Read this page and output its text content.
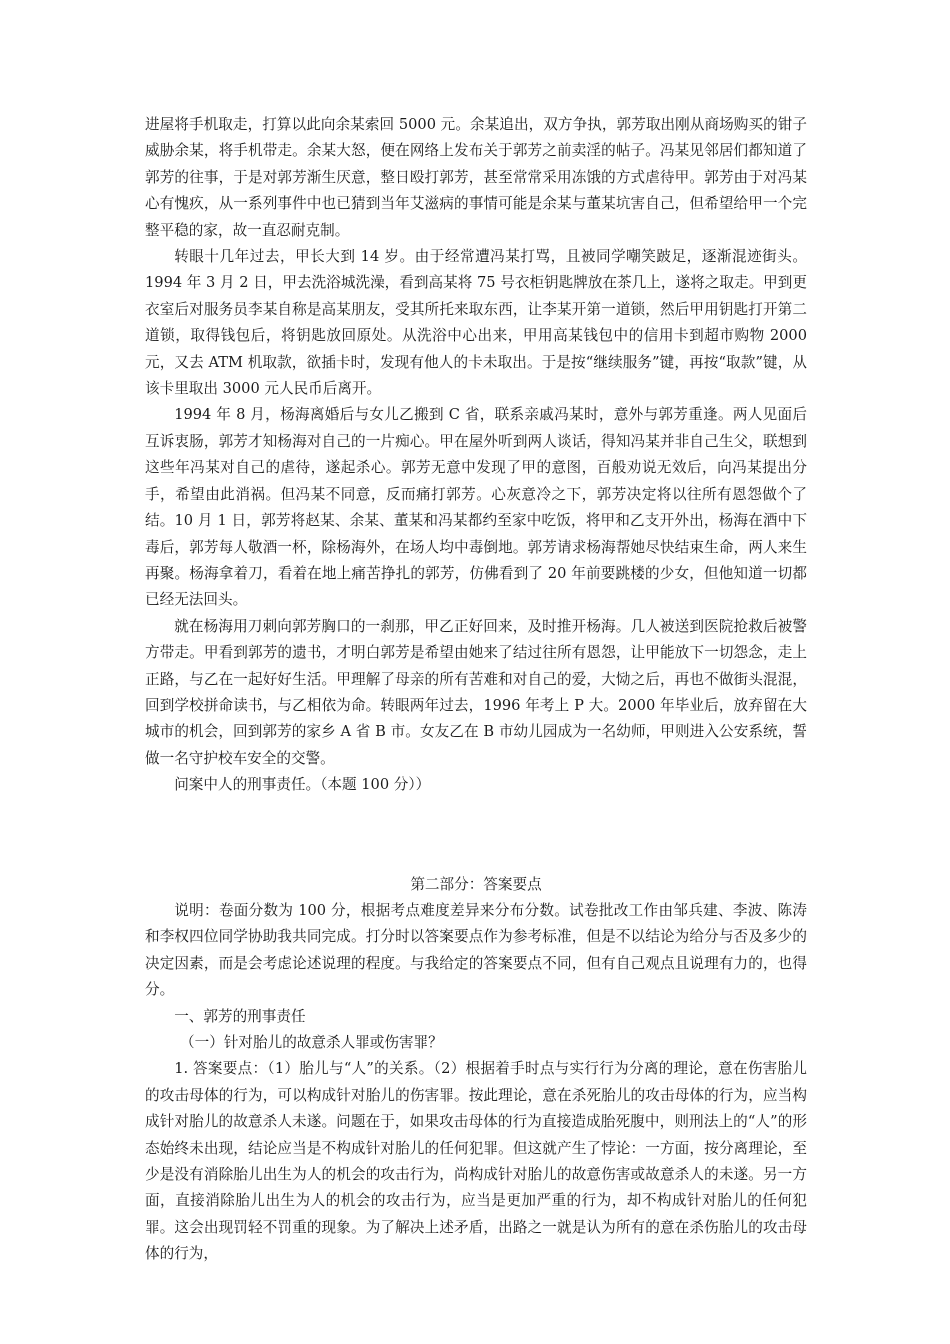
进屋将手机取走，打算以此向余某索回 5000 元。余某追出，双方争执，郭芳取出刚从商场购买的钳子威胁余某，将手机带走。余某大怒，便在网络上发布关于郭芳之前卖淫的帖子。冯某见邻居们都知道了郭芳的往事，于是对郭芳渐生厌意，整日殴打郭芳，甚至常常采用冻饿的方式虐待甲。郭芳由于对冯某心有愧疚，从一系列事件中也已猜到当年艾滋病的事情可能是余某与董某坑害自己，但希望给甲一个完整平稳的家，故一直忍耐克制。

转眼十几年过去，甲长大到 14 岁。由于经常遭冯某打骂，且被同学嘲笑跛足，逐渐混迹街头。1994 年 3 月 2 日，甲去洗浴城洗澡，看到高某将 75 号衣柜钥匙牌放在茶几上，遂将之取走。甲到更衣室后对服务员李某自称是高某朋友，受其所托来取东西，让李某开第一道锁，然后甲用钥匙打开第二道锁，取得钱包后，将钥匙放回原处。从洗浴中心出来，甲用高某钱包中的信用卡到超市购物 2000 元，又去 ATM 机取款，欲插卡时，发现有他人的卡未取出。于是按“继续服务”键，再按“取款”键，从该卡里取出 3000 元人民币后离开。

1994 年 8 月，杨海离婚后与女儿乙搬到 C 省，联系亲戚冯某时，意外与郭芳重逢。两人见面后互诉衷肠，郭芳才知杨海对自己的一片痴心。甲在屋外听到两人谈话，得知冯某并非自己生父，联想到这些年冯某对自己的虐待，遂起杀心。郭芳无意中发现了甲的意图，百般劝说无效后，向冯某提出分手，希望由此消祸。但冯某不同意，反而痛打郭芳。心灰意冷之下，郭芳决定将以往所有恩怨做个了结。10 月 1 日，郭芳将赵某、余某、董某和冯某都约至家中吃饭，将甲和乙支开外出，杨海在酒中下毒后，郭芳每人敬酒一杯，除杨海外，在场人均中毒倒地。郭芳请求杨海帮她尽快结束生命，两人来生再聚。杨海拿着刀，看着在地上痛苦挣扎的郭芳，仿佛看到了 20 年前要跳楼的少女，但他知道一切都已经无法回头。

就在杨海用刀刺向郭芳胸口的一刹那，甲乙正好回来，及时推开杨海。几人被送到医院抢救后被警方带走。甲看到郭芳的遗书，才明白郭芳是希望由她来了结过往所有恩怨，让甲能放下一切怨念，走上正路，与乙在一起好好生活。甲理解了母亲的所有苦难和对自己的爱，大恸之后，再也不做街头混混，回到学校拼命读书，与乙相依为命。转眼两年过去，1996 年考上 P 大。2000 年毕业后，放弃留在大城市的机会，回到郭芳的家乡 A 省 B 市。女友乙在 B 市幼儿园成为一名幼师，甲则进入公安系统，誓做一名守护校车安全的交警。

问案中人的刑事责任。（本题 100 分））

第二部分：答案要点

说明：卷面分数为 100 分，根据考点难度差异来分布分数。试卷批改工作由邹兵建、李波、陈涛和李权四位同学协助我共同完成。打分时以答案要点作为参考标准，但是不以结论为给分与否及多少的决定因素，而是会考虑论述说理的程度。与我给定的答案要点不同，但有自己观点且说理有力的，也得分。

一、郭芳的刑事责任

（一）针对胎儿的故意杀人罪或伤害罪？

1. 答案要点：（1）胎儿与“人”的关系。（2）根据着手时点与实行行为分离的理论，意在伤害胎儿的攻击母体的行为，可以构成针对胎儿的伤害罪。按此理论，意在杀死胎儿的攻击母体的行为，应当构成针对胎儿的故意杀人未遂。问题在于，如果攻击母体的行为直接造成胎死腹中，则刑法上的“人”的形态始终未出现，结论应当是不构成针对胎儿的任何犯罪。但这就产生了悖论：一方面，按分离理论，至少是没有消除胎儿出生为人的机会的攻击行为，尚构成针对胎儿的故意伤害或故意杀人的未遂。另一方面，直接消除胎儿出生为人的机会的攻击行为，应当是更加严重的行为，却不构成针对胎儿的任何犯罪。这会出现罚轻不罚重的现象。为了解决上述矛盾，出路之一就是认为所有的意在杀伤胎儿的攻击母体的行为，
